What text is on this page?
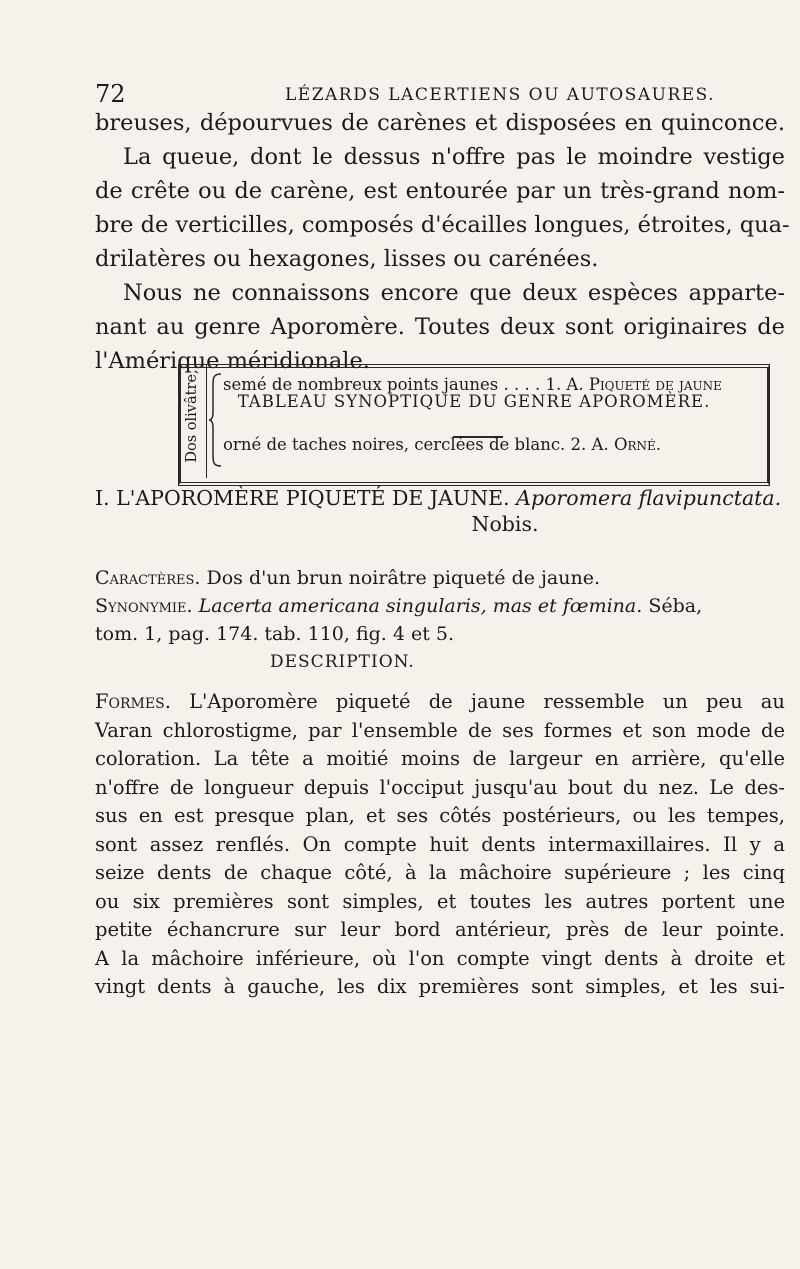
72	LÉZARDS LACERTIENS OU AUTOSAURES.
breuses, dépourvues de carènes et disposées en quinconce.
La queue, dont le dessus n'offre pas le moindre vestige
de crête ou de carène, est entourée par un très-grand nom-
bre de verticilles, composés d'écailles longues, étroites, qua-
drilatères ou hexagones, lisses ou carénées.
Nous ne connaissons encore que deux espèces apparte-
nant au genre Aporomère. Toutes deux sont originaires de
l'Amérique méridionale.
TABLEAU SYNOPTIQUE DU GENRE APOROMÈRE.
Dos olivâtre, semé de nombreux points jaunes . . . . 1. A. Piqueté de jaune
orné de taches noires, cerclées de blanc. 2. A. Orné.
I. L'APOROMÈRE PIQUETÉ DE JAUNE. Aporomera flavipunctata.
Nobis.
Caractères. Dos d'un brun noirâtre piqueté de jaune.
Synonymie. Lacerta americana singularis, mas et fœmina. Séba,
tom. 1, pag. 174. tab. 110, fig. 4 et 5.
DESCRIPTION.
Formes. L'Aporomère piqueté de jaune ressemble un peu au
Varan chlorostigme, par l'ensemble de ses formes et son mode de
coloration. La tête a moitié moins de largeur en arrière, qu'elle
n'offre de longueur depuis l'occiput jusqu'au bout du nez. Le des-
sus en est presque plan, et ses côtés postérieurs, ou les tempes,
sont assez renflés. On compte huit dents intermaxillaires. Il y a
seize dents de chaque côté, à la mâchoire supérieure ; les cinq
ou six premières sont simples, et toutes les autres portent une
petite échancrure sur leur bord antérieur, près de leur pointe.
A la mâchoire inférieure, où l'on compte vingt dents à droite et
vingt dents à gauche, les dix premières sont simples, et les sui-
